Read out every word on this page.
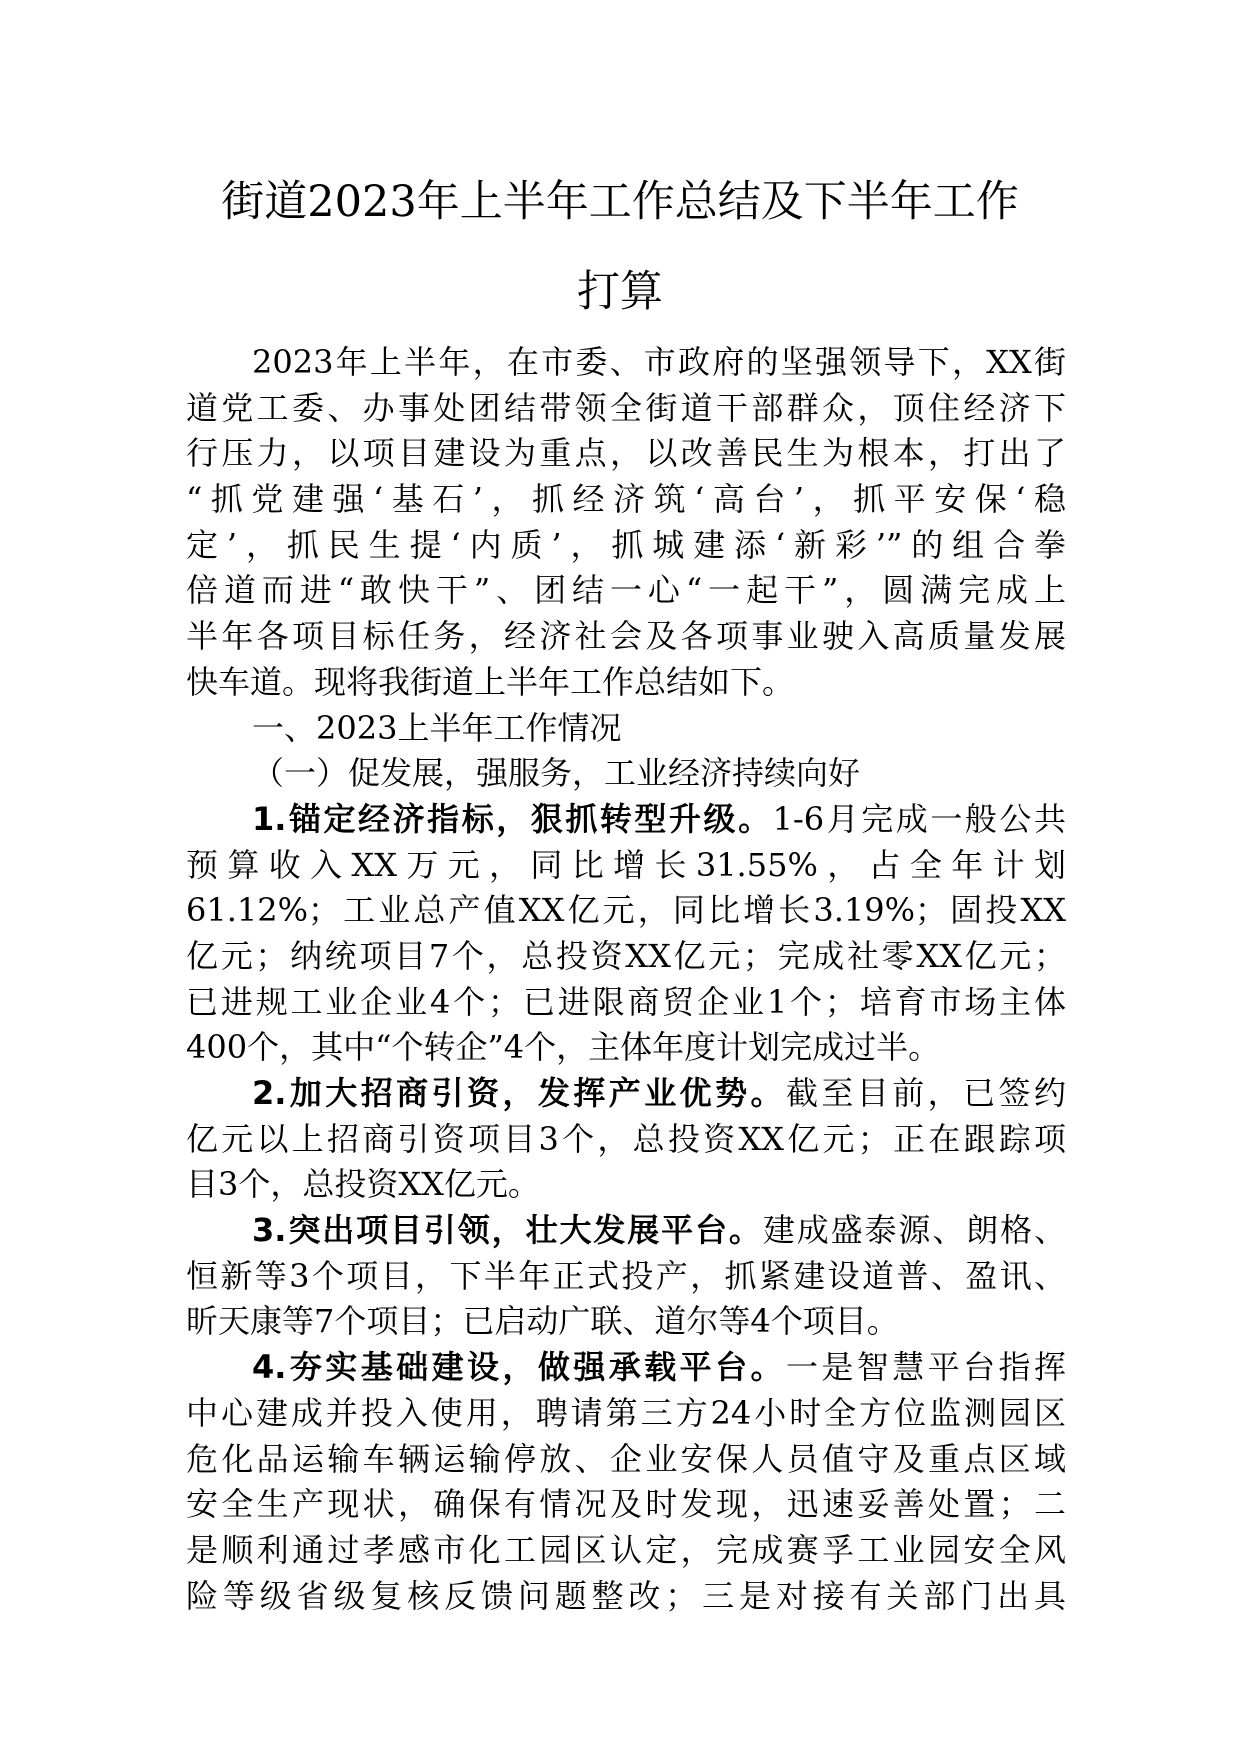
街道2023年上半年工作总结及下半年工作
打算
2023年上半年，在市委、市政府的坚强领导下，XX街
道党工委、办事处团结带领全街道干部群众，顶住经济下
行压力，以项目建设为重点，以改善民生为根本，打出了
“抓党建强‘基石’，抓经济筑‘高台’，抓平安保‘稳
定’，抓民生提‘内质’，抓城建添‘新彩’”的组合拳
倍道而进“敢快干”、团结一心“一起干”，圆满完成上
半年各项目标任务，经济社会及各项事业驶入高质量发展
快车道。现将我街道上半年工作总结如下。
一、2023上半年工作情况
（一）促发展，强服务，工业经济持续向好
1.锚定经济指标，狠抓转型升级。1-6月完成一般公共
预算收入XX万元，同比增长31.55%，占全年计划
61.12%；工业总产值XX亿元，同比增长3.19%；固投XX
亿元；纳统项目7个，总投资XX亿元；完成社零XX亿元；
已进规工业企业4个；已进限商贸企业1个；培育市场主体
400个，其中“个转企”4个，主体年度计划完成过半。
2.加大招商引资，发挥产业优势。截至目前，已签约
亿元以上招商引资项目3个，总投资XX亿元；正在跟踪项
目3个，总投资XX亿元。
3.突出项目引领，壮大发展平台。建成盛泰源、朗格、
恒新等3个项目，下半年正式投产，抓紧建设道普、盈讯、
昕天康等7个项目；已启动广联、道尔等4个项目。
4.夯实基础建设，做强承载平台。一是智慧平台指挥
中心建成并投入使用，聘请第三方24小时全方位监测园区
危化品运输车辆运输停放、企业安保人员值守及重点区域
安全生产现状，确保有情况及时发现，迅速妥善处置；二
是顺利通过孝感市化工园区认定，完成赛孚工业园安全风
险等级省级复核反馈问题整改；三是对接有关部门出具
